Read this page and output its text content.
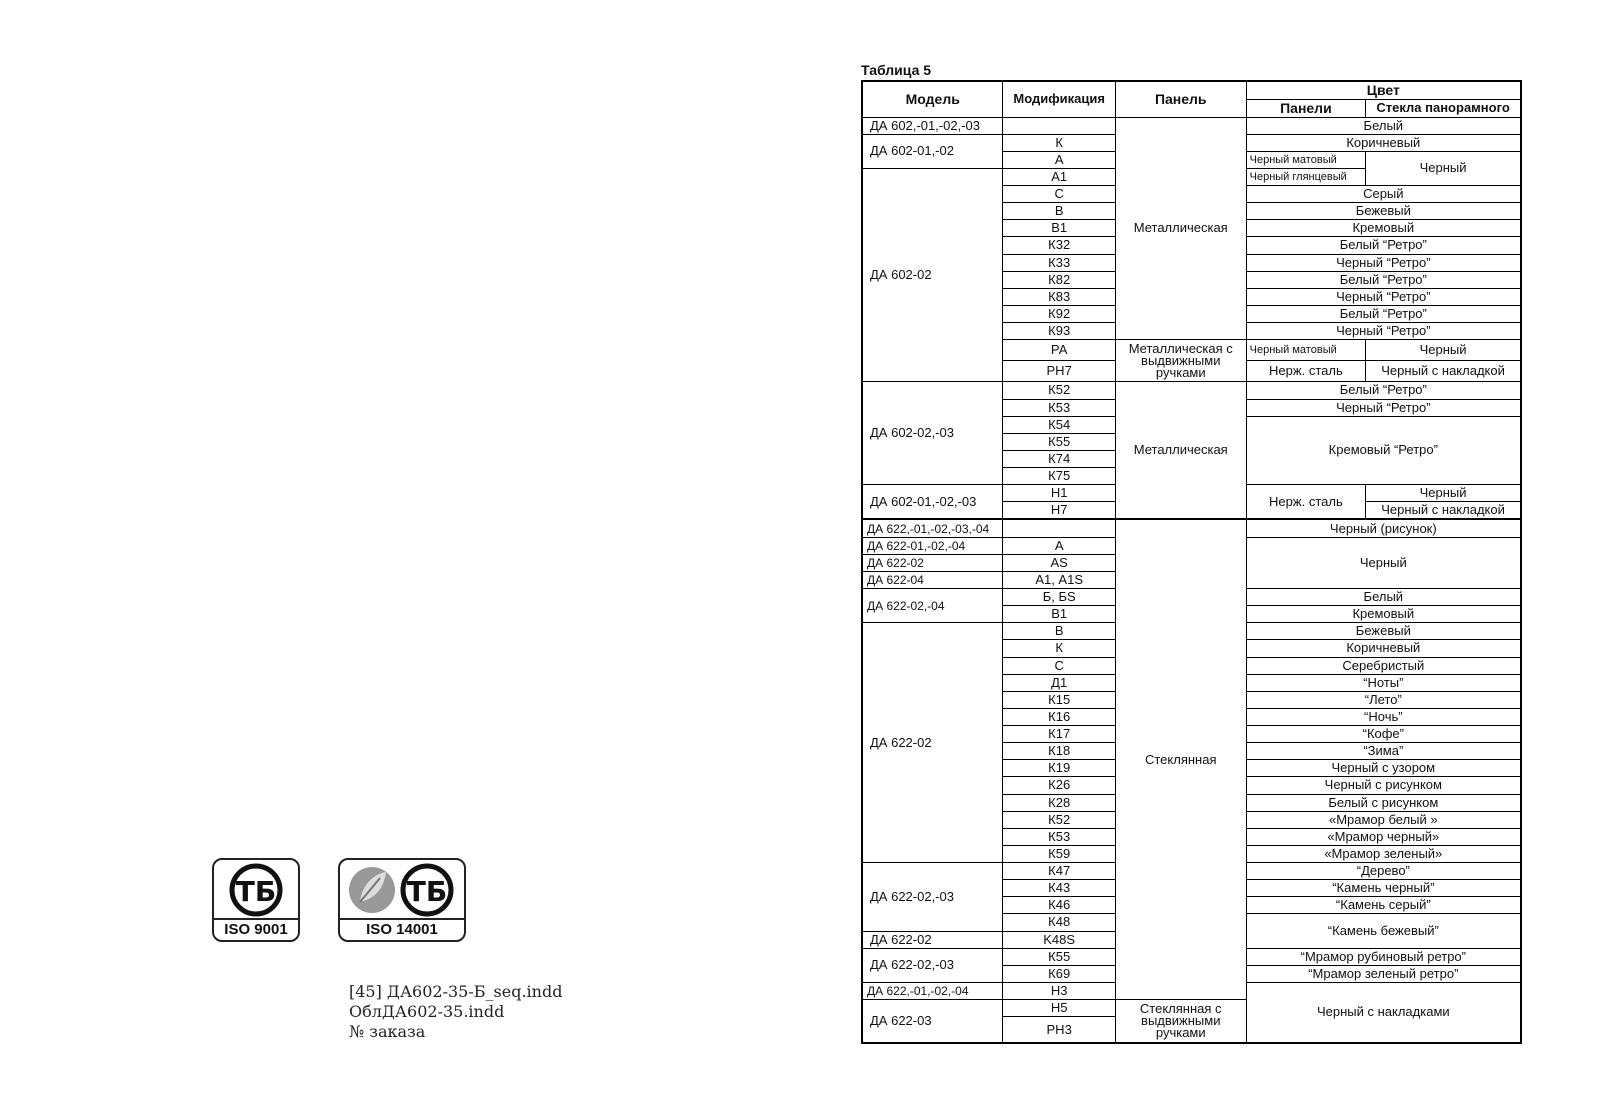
Таблица 5
Модель	Модификация	Панель	Цвет	
			Панели	Стекла панорамного
ДА 602,-01,-02,-03		Металлическая	Белый	
ДА 602-01,-02	К		Коричневый	
	А		Черный матовый	Черный
ДА 602-02	А1		Черный глянцевый	
	С		Серый	
	В		Бежевый	
	В1		Кремовый	
	К32		Белый “Ретро”	
	К33		Черный “Ретро”	
	К82		Белый “Ретро”	
	К83		Черный “Ретро”	
	К92		Белый “Ретро”	
	К93		Черный “Ретро”	
	РА	Металлическая с выдвижными ручками	Черный матовый	Черный
	РН7		Нерж. сталь	Черный с накладкой
ДА 602-02,-03	К52	Металлическая	Белый “Ретро”	
	К53		Черный “Ретро”	
	К54		Кремовый “Ретро”	
	К55			
	К74			
	К75			
ДА 602-01,-02,-03	Н1		Нерж. сталь	Черный
	Н7			Черный с накладкой
ДА 622,-01,-02,-03,-04		Стеклянная	Черный (рисунок)	
ДА 622-01,-02,-04	А		Черный	
ДА 622-02	AS			
ДА 622-04	А1, A1S			
ДА 622-02,-04	Б, БS		Белый	
	В1		Кремовый	
ДА 622-02	В		Бежевый	
	К		Коричневый	
	С		Серебристый	
	Д1		“Ноты”	
	К15		“Лето”	
	К16		“Ночь”	
	К17		“Кофе”	
	К18		“Зима”	
	К19		Черный с узором	
	К26		Черный с рисунком	
	К28		Белый с рисунком	
	К52		«Мрамор белый »	
	К53		«Мрамор черный»	
	К59		«Мрамор зеленый»	
ДА 622-02,-03	К47		“Дерево”	
	К43		“Камень черный”	
	К46		“Камень серый”	
	К48		“Камень бежевый”	
ДА 622-02	K48S			
ДА 622-02,-03	К55		“Мрамор рубиновый ретро”	
	К69		“Мрамор зеленый ретро”	
ДА 622,-01,-02,-04	Н3		Черный с накладками	
ДА 622-03	Н5	Стеклянная с выдвижными ручками		
	РН3			

TБ
ISO 9001
TБ
ISO 14001
[45] ДА602-35-Б_seq.indd
ОблДА602-35.indd
№ заказа
